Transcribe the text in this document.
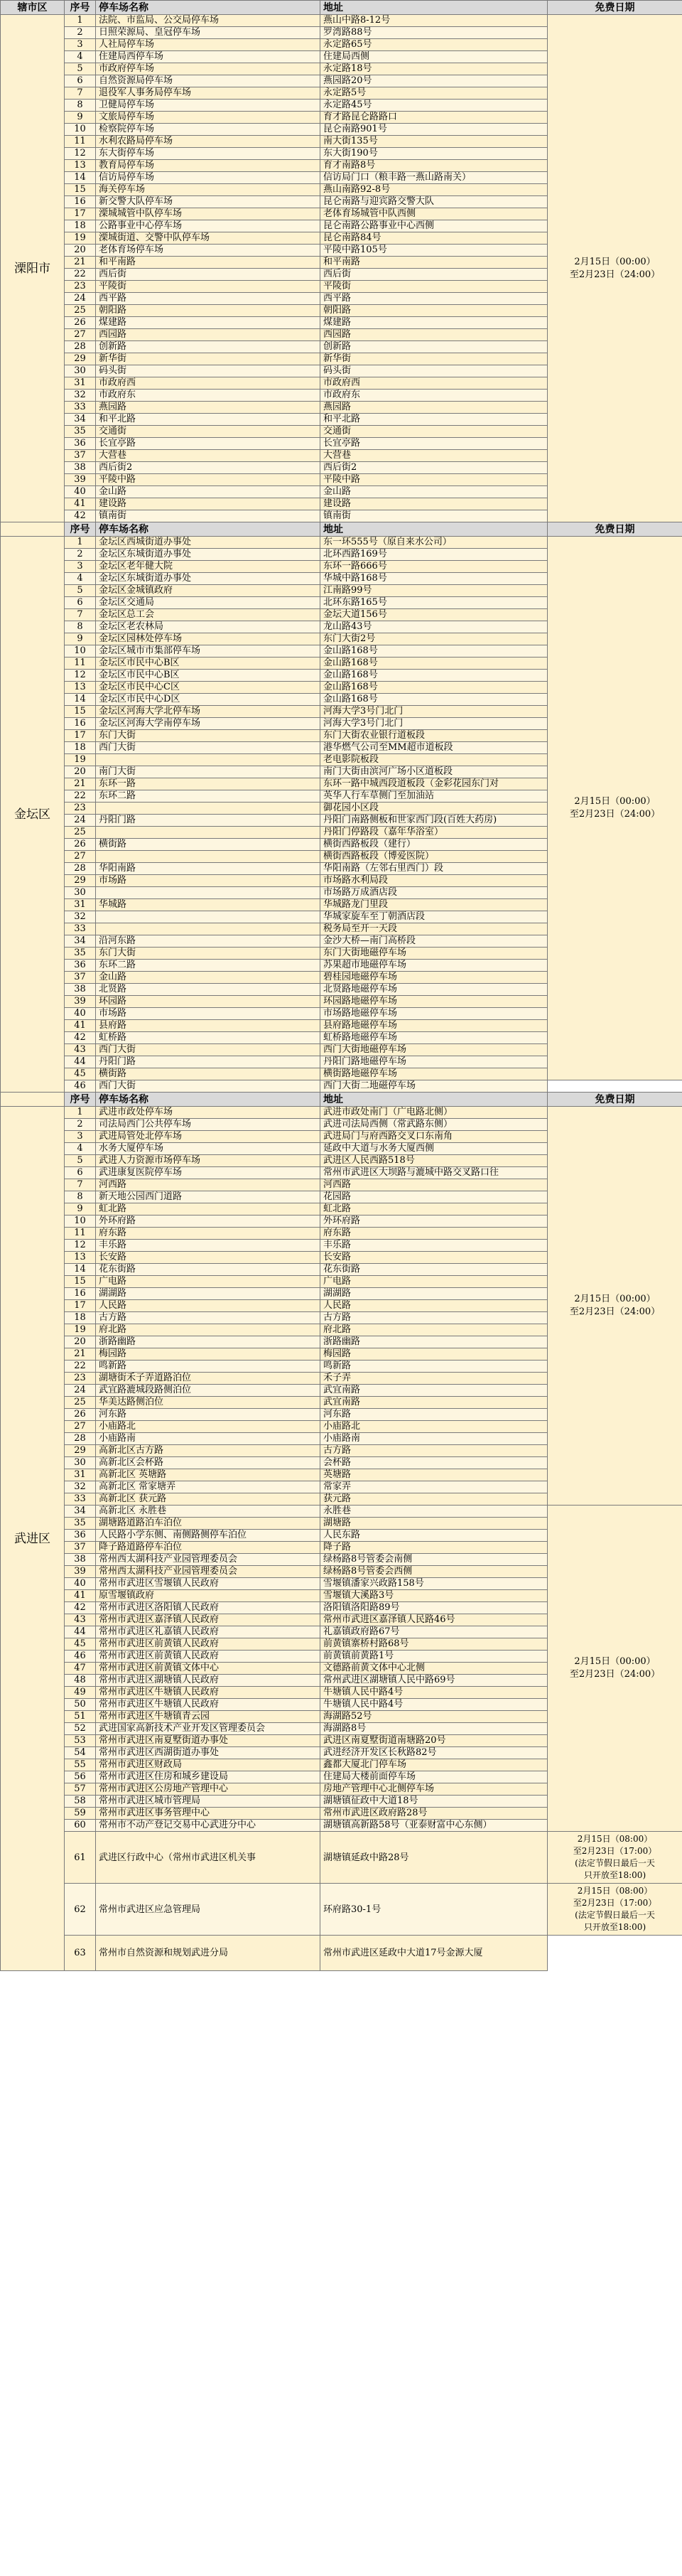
辖市区	序号	停车场名称	地址	免费日期
溧阳市	1	法院、市监局、公交局停车场	燕山中路8-12号	2月15日（00:00）
至2月23日（24:00）

	2	日照荣源局、皇冠停车场	罗湾路88号	
	3	人社局停车场	永定路65号	
	4	住建局西停车场	住建局西侧	
	5	市政府停车场	永定路18号	
	6	自然资源局停车场	燕园路20号	
	7	退役军人事务局停车场	永定路5号	
	8	卫健局停车场	永定路45号	
	9	文旅局停车场	育才路昆仑路路口	
	10	检察院停车场	昆仑南路901号	
	11	水利农路局停车场	南大街135号	
	12	东大街停车场	东大街190号	
	13	教育局停车场	育才南路8号	
	14	信访局停车场	信访局门口（粮丰路一燕山路南关）	
	15	海关停车场	燕山南路92-8号	
	16	新交警大队停车场	昆仑南路与迎宾路交警大队	
	17	溧城城管中队停车场	老体育场城管中队西侧	
	18	公路事业中心停车场	昆仑南路公路事业中心西侧	
	19	溧城街道、交警中队停车场	昆仑南路84号	
	20	老体育场停车场	平陵中路105号	
	21	和平南路	和平南路	
	22	西后街	西后街	
	23	平陵街	平陵街	
	24	西平路	西平路	
	25	朝阳路	朝阳路	
	26	煤建路	煤建路	
	27	西园路	西园路	
	28	创新路	创新路	
	29	新华街	新华街	
	30	码头街	码头街	
	31	市政府西	市政府西	
	32	市政府东	市政府东	
	33	燕园路	燕园路	
	34	和平北路	和平北路	
	35	交通街	交通街	
	36	长宜亭路	长宜亭路	
	37	大营巷	大营巷	
	38	西后街2	西后街2	
	39	平陵中路	平陵中路	
	40	金山路	金山路	
	41	建设路	建设路	
	42	镇南街	镇南街	
	序号	停车场名称	地址	免费日期
金坛区	1	金坛区西城街道办事处	东一环555号（原自来水公司）	2月15日（00:00）
至2月23日（24:00）

	2	金坛区东城街道办事处	北环西路169号	
	3	金坛区老年健大院	东环一路666号	
	4	金坛区东城街道办事处	华城中路168号	
	5	金坛区金城镇政府	江南路99号	
	6	金坛区交通局	北环东路165号	
	7	金坛区总工会	金坛大道156号	
	8	金坛区老农林局	龙山路43号	
	9	金坛区园林处停车场	东门大街2号	
	10	金坛区城市市集部停车场	金山路168号	
	11	金坛区市民中心B区	金山路168号	
	12	金坛区市民中心B区	金山路168号	
	13	金坛区市民中心C区	金山路168号	
	14	金坛区市民中心D区	金山路168号	
	15	金坛区河海大学北停车场	河海大学3号门北门	
	16	金坛区河海大学南停车场	河海大学3号门北门	
	17	东门大街	东门大街农业银行道板段	
	18	西门大街	港华燃气公司至MM超市道板段	
	19		老电影院板段	
	20	南门大街	南门大街由滨河广场小区道板段	
	21	东环一路	东环一路中城西段道板段（金彩花园东门对	
	22	东环二路	英华人行车草侧门至加油站	
	23		御花园小区段	
	24	丹阳门路	丹阳门南路侧板和世家西门段(百姓大药房)	
	25		丹阳门停路段（嘉年华浴室）	
	26	横街路	横街西路板段（建行）	
	27		横街西路板段（博爱医院）	
	28	华阳南路	华阳南路（左邻右里西门）段	
	29	市场路	市场路水利局段	
	30		市场路万成酒店段	
	31	华城路	华城路龙门里段	
	32		华城家旋车至丁朝酒店段	
	33		税务局至开一天段	
	34	沿河东路	金沙大桥—南门高桥段	
	35	东门大街	东门大街地磁停车场	
	36	东环二路	苏果超市地磁停车场	
	37	金山路	碧桂园地磁停车场	
	38	北贤路	北贤路地磁停车场	
	39	环园路	环园路地磁停车场	
	40	市场路	市场路地磁停车场	
	41	县府路	县府路地磁停车场	
	42	虹桥路	虹桥路地磁停车场	
	43	西门大街	西门大街地磁停车场	
	44	丹阳门路	丹阳门路地磁停车场	
	45	横街路	横街路地磁停车场	
	46	西门大街	西门大街二地磁停车场	
	序号	停车场名称	地址	免费日期
武进区	1	武进市政处停车场	武进市政处南门（广电路北侧）	2月15日（00:00）
至2月23日（24:00）

	2	司法局西门公共停车场	武进司法局西侧（常武路东侧）	
	3	武进局管处北停车场	武进局门与府西路交叉口东南角	
	4	水务大厦停车场	延政中大道与水务大厦西侧	
	5	武进人力资源市场停车场	武进区人民西路518号	
	6	武进康复医院停车场	常州市武进区大坝路与漉城中路交叉路口往	
	7	河西路	河西路	
	8	新天地公园西门道路	花园路	
	9	虹北路	虹北路	
	10	外环府路	外环府路	
	11	府东路	府东路	
	12	丰乐路	丰乐路	
	13	长安路	长安路	
	14	花东街路	花东街路	
	15	广电路	广电路	
	16	湖湖路	湖湖路	
	17	人民路	人民路	
	18	古方路	古方路	
	19	府北路	府北路	
	20	浙路幽路	浙路幽路	
	21	梅园路	梅园路	
	22	鸣新路	鸣新路	
	23	湖塘街禾子弄道路泊位	禾子弄	
	24	武宜路漉城段路侧泊位	武宜南路	
	25	华美达路侧泊位	武宜南路	
	26	河东路	河东路	
	27	小庙路北	小庙路北	
	28	小庙路南	小庙路南	
	29	高新北区古方路	古方路	
	30	高新北区会杯路	会杯路	
	31	高新北区 英塘路	英塘路	
	32	高新北区 常家塘弄	常家弄	
	33	高新北区 获元路	获元路	
	34	高新北区 永胜巷	永胜巷	2月15日（00:00）
至2月23日（24:00）

	35	湖塘路道路泊车泊位	湖塘路	
	36	人民路小学东侧、南侧路侧停车泊位	人民东路	
	37	降子路道路停车泊位	降子路	
	38	常州西太湖科技产业园管理委员会	绿杨路8号管委会南侧	
	39	常州西太湖科技产业园管理委员会	绿杨路8号管委会西侧	
	40	常州市武进区雪堰镇人民政府	雪堰镇潘家兴政路158号	
	41	原雪堰镇政府	雪堰镇大溪路3号	
	42	常州市武进区洛阳镇人民政府	洛阳镇洛阳路89号	
	43	常州市武进区嘉泽镇人民政府	常州市武进区嘉泽镇人民路46号	
	44	常州市武进区礼嘉镇人民政府	礼嘉镇政府路67号	
	45	常州市武进区前黄镇人民政府	前黄镇寨桥村路68号	
	46	常州市武进区前黄镇人民政府	前黄镇前黄路1号	
	47	常州市武进区前黄镇文体中心	文德路前黄文体中心北侧	
	48	常州市武进区湖塘镇人民政府	常州武进区湖塘镇人民中路69号	
	49	常州市武进区牛塘镇人民政府	牛塘镇人民中路4号	
	50	常州市武进区牛塘镇人民政府	牛塘镇人民中路4号	
	51	常州市武进区牛塘镇青云园	海湖路52号	
	52	武进国家高新技术产业开发区管理委员会	海湖路8号	
	53	常州市武进区南夏墅街道办事处	武进区南夏墅街道南塘路20号	
	54	常州市武进区西湖街道办事处	武进经济开发区长秋路82号	
	55	常州市武进区财政局	鑫都大厦北门停车场	
	56	常州市武进区住房和城乡建设局	住建局大楼前面停车场	
	57	常州市武进区公房地产管理中心	房地产管理中心北侧停车场	
	58	常州市武进区城市管理局	湖塘镇征政中大道18号	
	59	常州市武进区事务管理中心	常州市武进区政府路28号	
	60	常州市不动产登记交易中心武进分中心	湖塘镇高新路58号（亚泰财富中心东侧）	
	61	武进区行政中心（常州市武进区机关事	湖塘镇延政中路28号	2月15日（08:00）
至2月23日（17:00）
(法定节假日最后一天
只开放至18:00)

	62	常州市武进区应急管理局	环府路30-1号	2月15日（08:00）
至2月23日（17:00）
(法定节假日最后一天
只开放至18:00)

	63	常州市自然资源和规划武进分局	常州市武进区延政中大道17号金源大厦	
